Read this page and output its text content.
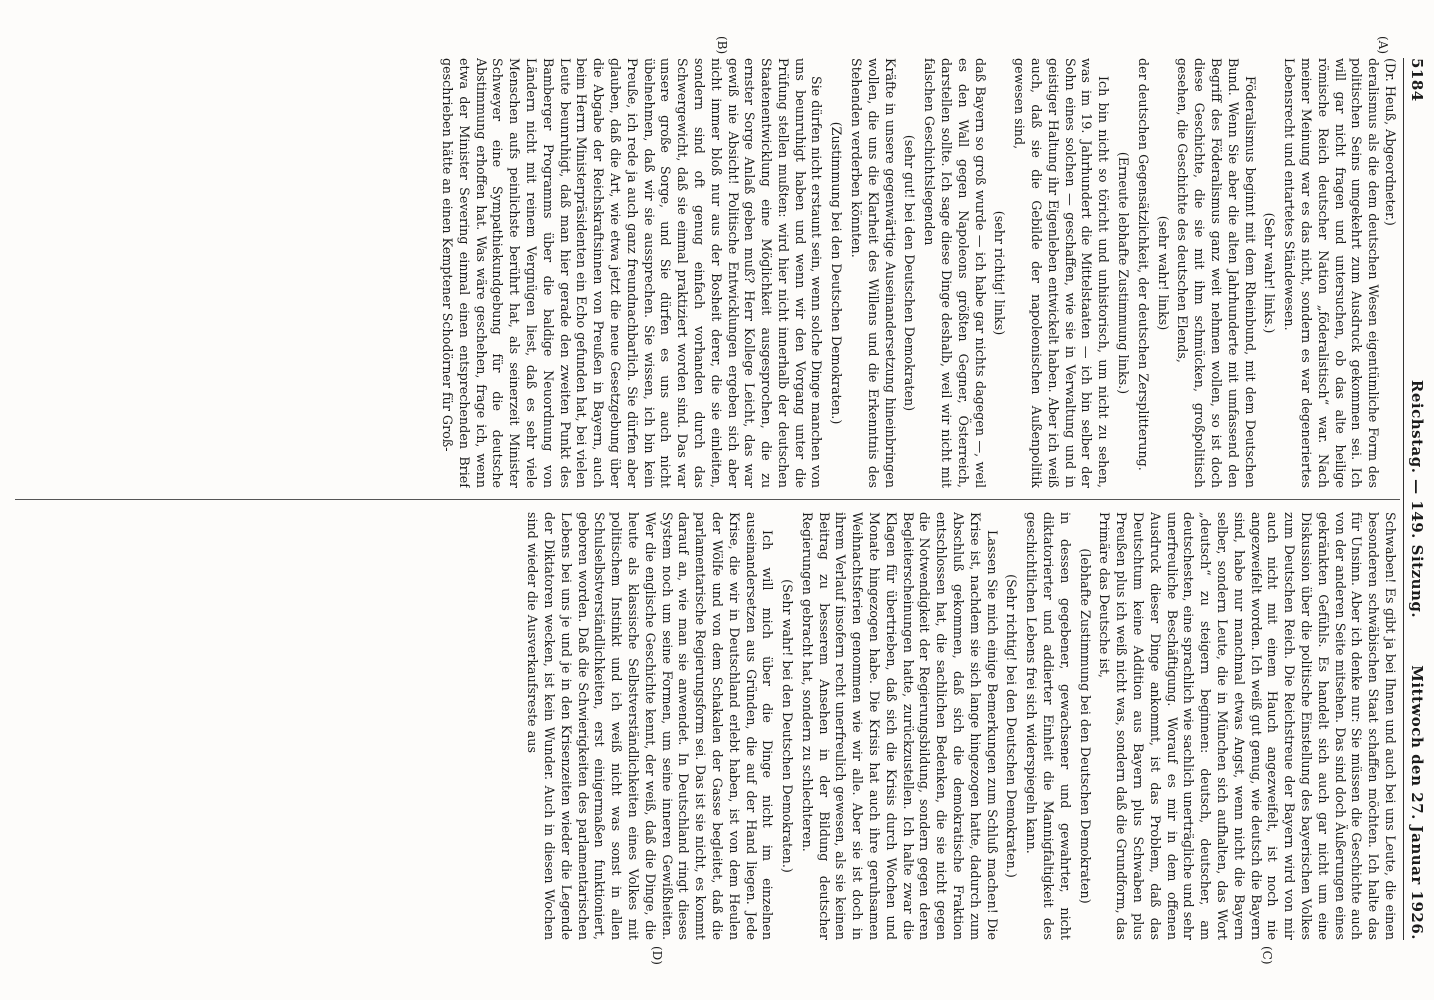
5184
Reichstag. — 149. Sitzung.
Mittwoch den 27. Januar 1926.
(A)
(B)
(C)
(D)

(Dr. Heuß, Abgeordneter.)

deralismus als die dem deutschen Wesen eigentümliche Form des politischen Seins umgekehrt zum Ausdruck gekommen sei. Ich will gar nicht fragen und untersuchen, ob das alte heilige römische Reich deutscher Nation „föderalistisch“ war. Nach meiner Meinung war es das nicht, sondern es war degeneriertes Lebensrecht und entartetes Ständewesen.

(Sehr wahr! links.)

Föderalismus beginnt mit dem Rheinbund, mit dem Deutschen Bund. Wenn Sie aber die alten Jahrhunderte mit umfassend den Begriff des Föderalismus ganz weit nehmen wollen, so ist doch diese Geschichte, die sie mit ihm schmücken, großpolitisch gesehen, die Geschichte des deutschen Elends,

(sehr wahr! links)

der deutschen Gegensätzlichkeit, der deutschen Zersplitterung.

(Erneute lebhafte Zustimmung links.)

Ich bin nicht so töricht und unhistorisch, um nicht zu sehen, was im 19. Jahrhundert die Mittelstaaten — ich bin selber der Sohn eines solchen — geschaffen, wie sie in Verwaltung und in geistiger Haltung ihr Eigenleben entwickelt haben. Aber ich weiß auch, daß sie die Gebilde der napoleonischen Außenpolitik gewesen sind,

(sehr richtig! links)

daß Bayern so groß wurde — ich habe gar nichts dagegen —, weil es den Wall gegen Napoleons größten Gegner, Österreich, darstellen sollte. Ich sage diese Dinge deshalb, weil wir nicht mit falschen Geschichtslegenden

(sehr gut! bei den Deutschen Demokraten)

Kräfte in unsere gegenwärtige Auseinandersetzung hineinbringen wollen, die uns die Klarheit des Willens und die Erkenntnis des Stehenden verderben könnten.

(Zustimmung bei den Deutschen Demokraten.)

Sie dürfen nicht erstaunt sein, wenn solche Dinge manchen von uns beunruhigt haben und wenn wir den Vorgang unter die Prüfung stellen mußten: wird hier nicht innerhalb der deutschen Staatenentwicklung eine Möglichkeit ausgesprochen, die zu ernster Sorge Anlaß geben muß? Herr Kollege Leicht, das war gewiß nie Absicht! Politische Entwicklungen ergeben sich aber nicht immer bloß nur aus der Bosheit derer, die sie einleiten, sondern sind oft genug einfach vorhanden durch das Schwergewicht, daß sie einmal praktiziert worden sind. Das war unsere große Sorge, und Sie dürfen es uns auch nicht übelnehmen, daß wir sie aussprechen. Sie wissen, ich bin kein Preuße, ich rede ja auch ganz freundnachbarlich. Sie dürfen aber glauben, daß die Art, wie etwa jetzt die neue Gesetzgebung über die Abgabe der Reichskraftsinnen von Preußen in Bayern, auch beim Herrn Ministerpräsidenten ein Echo gefunden hat, bei vielen Leute beunruhigt, daß man hier gerade den zweiten Punkt des Bamberger Programms über die baldige Neuordnung von Ländern nicht mit reinem Vergnügen liest, daß es sehr viele Menschen aufs peinlichste berührt hat, als seinerzeit Minister Schweyer eine Sympathiekundgebung für die deutsche Abstimmung erhoffen hat. Was wäre geschehen, frage ich, wenn etwa der Minister Severing einmal einen entsprechenden Brief geschrieben hätte an einen Kemptener Schodörner für Groß-

Schwaben! Es gibt ja bei Ihnen und auch bei uns Leute, die einen besonderen schwäbischen Staat schaffen möchten. Ich halte das für Unsinn. Aber ich denke nur: Sie müssen die Geschichte auch von der anderen Seite mitsehen. Das sind doch Äußerungen eines gekränkten Gefühls. Es handelt sich auch gar nicht um eine Diskussion über die politische Einstellung des bayerischen Volkes zum Deutschen Reich. Die Reichstreue der Bayern wird von mir auch nicht mit einem Hauch angezweifelt, ist noch nie angezweifelt worden. Ich weiß gut genug, wie deutsch die Bayern sind, habe nur manchmal etwas Angst, wenn nicht die Bayern selber, sondern Leute, die in München sich aufhalten, das Wort „deutsch“ zu steigern beginnen: deutsch, deutscher, am deutschesten, eine sprachlich wie sachlich unerträgliche und sehr unerfreuliche Beschäftigung. Worauf es mir in dem offenen Ausdruck dieser Dinge ankommt, ist das Problem, daß das Deutschtum keine Addition aus Bayern plus Schwaben plus Preußen plus ich weiß nicht was, sondern daß die Grundform, das Primäre das Deutsche ist,

(lebhafte Zustimmung bei den Deutschen Demokraten)

in dessen gegebener, gewachsener und gewahrter, nicht diktatorierter und addierter Einheit die Mannigfaltigkeit des geschichtlichen Lebens frei sich widerspiegeln kann.

(Sehr richtig! bei den Deutschen Demokraten.)

Lassen Sie mich einige Bemerkungen zum Schluß machen! Die Krise ist, nachdem sie sich lange hingezogen hatte, dadurch zum Abschluß gekommen, daß sich die demokratische Fraktion entschlossen hat, die sachlichen Bedenken, die sie nicht gegen die Notwendigkeit der Regierungsbildung, sondern gegen deren Begleiterscheinungen hatte, zurückzustellen. Ich halte zwar die Klagen für übertrieben, daß sich die Krisis durch Wochen und Monate hingezogen habe. Die Krisis hat auch ihre geruhsamen Weihnachtsferien genommen wie wir alle. Aber sie ist doch in ihrem Verlauf insofern recht unerfreulich gewesen, als sie keinen Beitrag zu besserem Ansehen in der Bildung deutscher Regierungen gebracht hat, sondern zu schlechteren.

(Sehr wahr! bei den Deutschen Demokraten.)

Ich will mich über die Dinge nicht im einzelnen auseinandersetzen aus Gründen, die auf der Hand liegen. Jede Krise, die wir in Deutschland erlebt haben, ist von dem Heulen der Wölfe und von dem Schakalen der Gasse begleitet, daß die parlamentarische Regierungsform sei. Das ist sie nicht, es kommt darauf an, wie man sie anwendet. In Deutschland ringt dieses System noch um seine Formen, um seine inneren Gewißheiten. Wer die englische Geschichte kennt, der weiß, daß die Dinge, die heute als klassische Selbstverständlichkeiten eines Volkes mit politischem Instinkt und ich weiß nicht was sonst in allen Schulselbstverständlichkeiten, erst einigermaßen funktioniert, geboren worden. Daß die Schwierigkeiten des parlamentarischen Lebens bei uns je und je in den Krisenzeiten wieder die Legende der Diktatoren wecken, ist kein Wunder. Auch in diesen Wochen sind wieder die Ausverkaufsreste aus
